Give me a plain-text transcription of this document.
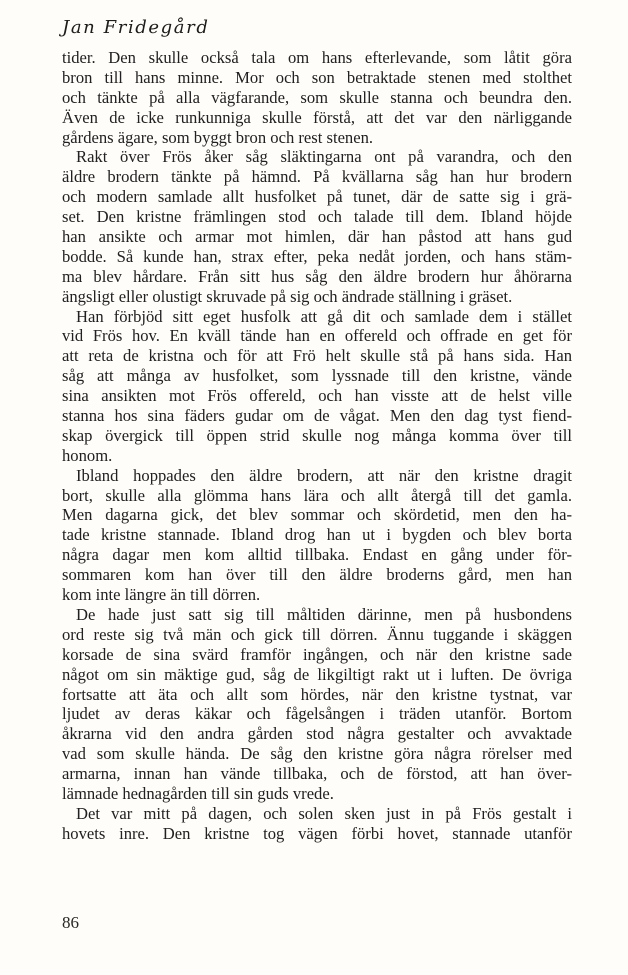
Jan Fridegård
tider. Den skulle också tala om hans efterlevande, som låtit göra
bron till hans minne. Mor och son betraktade stenen med stolthet
och tänkte på alla vägfarande, som skulle stanna och beundra den.
Även de icke runkunniga skulle förstå, att det var den närliggande
gårdens ägare, som byggt bron och rest stenen.
Rakt över Frös åker såg släktingarna ont på varandra, och den
äldre brodern tänkte på hämnd. På kvällarna såg han hur brodern
och modern samlade allt husfolket på tunet, där de satte sig i grä-
set. Den kristne främlingen stod och talade till dem. Ibland höjde
han ansikte och armar mot himlen, där han påstod att hans gud
bodde. Så kunde han, strax efter, peka nedåt jorden, och hans stäm-
ma blev hårdare. Från sitt hus såg den äldre brodern hur åhörarna
ängsligt eller olustigt skruvade på sig och ändrade ställning i gräset.
Han förbjöd sitt eget husfolk att gå dit och samlade dem i stället
vid Frös hov. En kväll tände han en offereld och offrade en get för
att reta de kristna och för att Frö helt skulle stå på hans sida. Han
såg att många av husfolket, som lyssnade till den kristne, vände
sina ansikten mot Frös offereld, och han visste att de helst ville
stanna hos sina fäders gudar om de vågat. Men den dag tyst fiend-
skap övergick till öppen strid skulle nog många komma över till
honom.
Ibland hoppades den äldre brodern, att när den kristne dragit
bort, skulle alla glömma hans lära och allt återgå till det gamla.
Men dagarna gick, det blev sommar och skördetid, men den ha-
tade kristne stannade. Ibland drog han ut i bygden och blev borta
några dagar men kom alltid tillbaka. Endast en gång under för-
sommaren kom han över till den äldre broderns gård, men han
kom inte längre än till dörren.
De hade just satt sig till måltiden därinne, men på husbondens
ord reste sig två män och gick till dörren. Ännu tuggande i skäggen
korsade de sina svärd framför ingången, och när den kristne sade
något om sin mäktige gud, såg de likgiltigt rakt ut i luften. De övriga
fortsatte att äta och allt som hördes, när den kristne tystnat, var
ljudet av deras käkar och fågelsången i träden utanför. Bortom
åkrarna vid den andra gården stod några gestalter och avvaktade
vad som skulle hända. De såg den kristne göra några rörelser med
armarna, innan han vände tillbaka, och de förstod, att han över-
lämnade hednagården till sin guds vrede.
Det var mitt på dagen, och solen sken just in på Frös gestalt i
hovets inre. Den kristne tog vägen förbi hovet, stannade utanför
86
